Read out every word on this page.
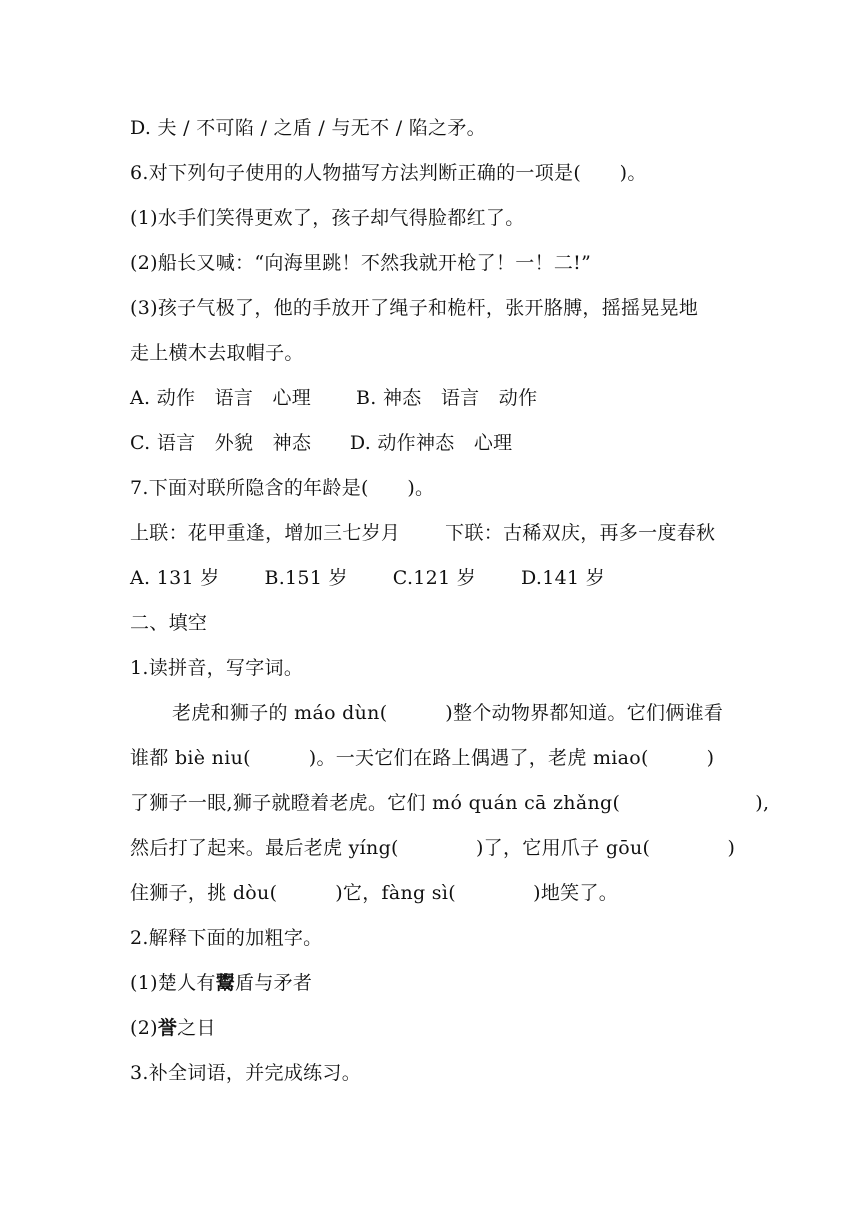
D. 夫 / 不可陷 / 之盾 / 与无不 / 陷之矛。
6.对下列句子使用的人物描写方法判断正确的一项是(　　)。
(1)水手们笑得更欢了，孩子却气得脸都红了。
(2)船长又喊：“向海里跳！不然我就开枪了！一！二!”
(3)孩子气极了，他的手放开了绳子和桅杆，张开胳膊，摇摇晃晃地
走上横木去取帽子。
A. 动作　语言　心理　　 B. 神态　语言　动作
C. 语言　外貌　神态　　D. 动作神态　心理
7.下面对联所隐含的年龄是(　　)。
上联：花甲重逢，增加三七岁月　　 下联：古稀双庆，再多一度春秋
A. 131 岁　　 B.151 岁　　 C.121 岁　　 D.141 岁
二、填空
1.读拼音，写字词。
老虎和狮子的 máo dùn(　　　)整个动物界都知道。它们俩谁看
谁都 biè niu(　　　)。一天它们在路上偶遇了，老虎 miao(　　　)
了狮子一眼,狮子就瞪着老虎。它们 mó quán cā zhǎng(　　　　　　　),
然后打了起来。最后老虎 yíng(　　　　)了，它用爪子 gōu(　　　　)
住狮子，挑 dòu(　　　)它，fàng sì(　　　　)地笑了。
2.解释下面的加粗字。
(1)楚人有鬻盾与矛者
(2)誉之日
3.补全词语，并完成练习。
